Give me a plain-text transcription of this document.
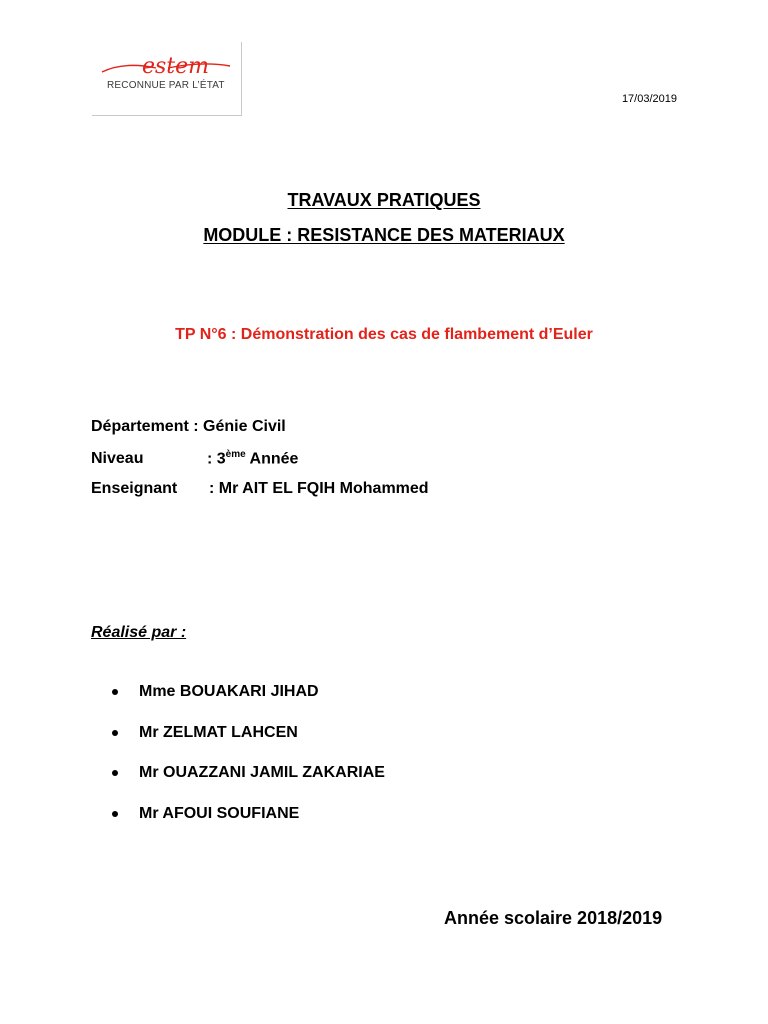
estem
RECONNUE PAR L’ÉTAT
17/03/2019
TRAVAUX PRATIQUES
MODULE : RESISTANCE DES MATERIAUX
TP N°6 : Démonstration des cas de flambement d’Euler
Département : Génie Civil
Niveau	: 3ème Année
Enseignant : Mr AIT EL FQIH Mohammed
Réalisé par :
Mme BOUAKARI JIHAD
Mr ZELMAT LAHCEN
Mr OUAZZANI JAMIL ZAKARIAE
Mr AFOUI SOUFIANE
Année scolaire 2018/2019
